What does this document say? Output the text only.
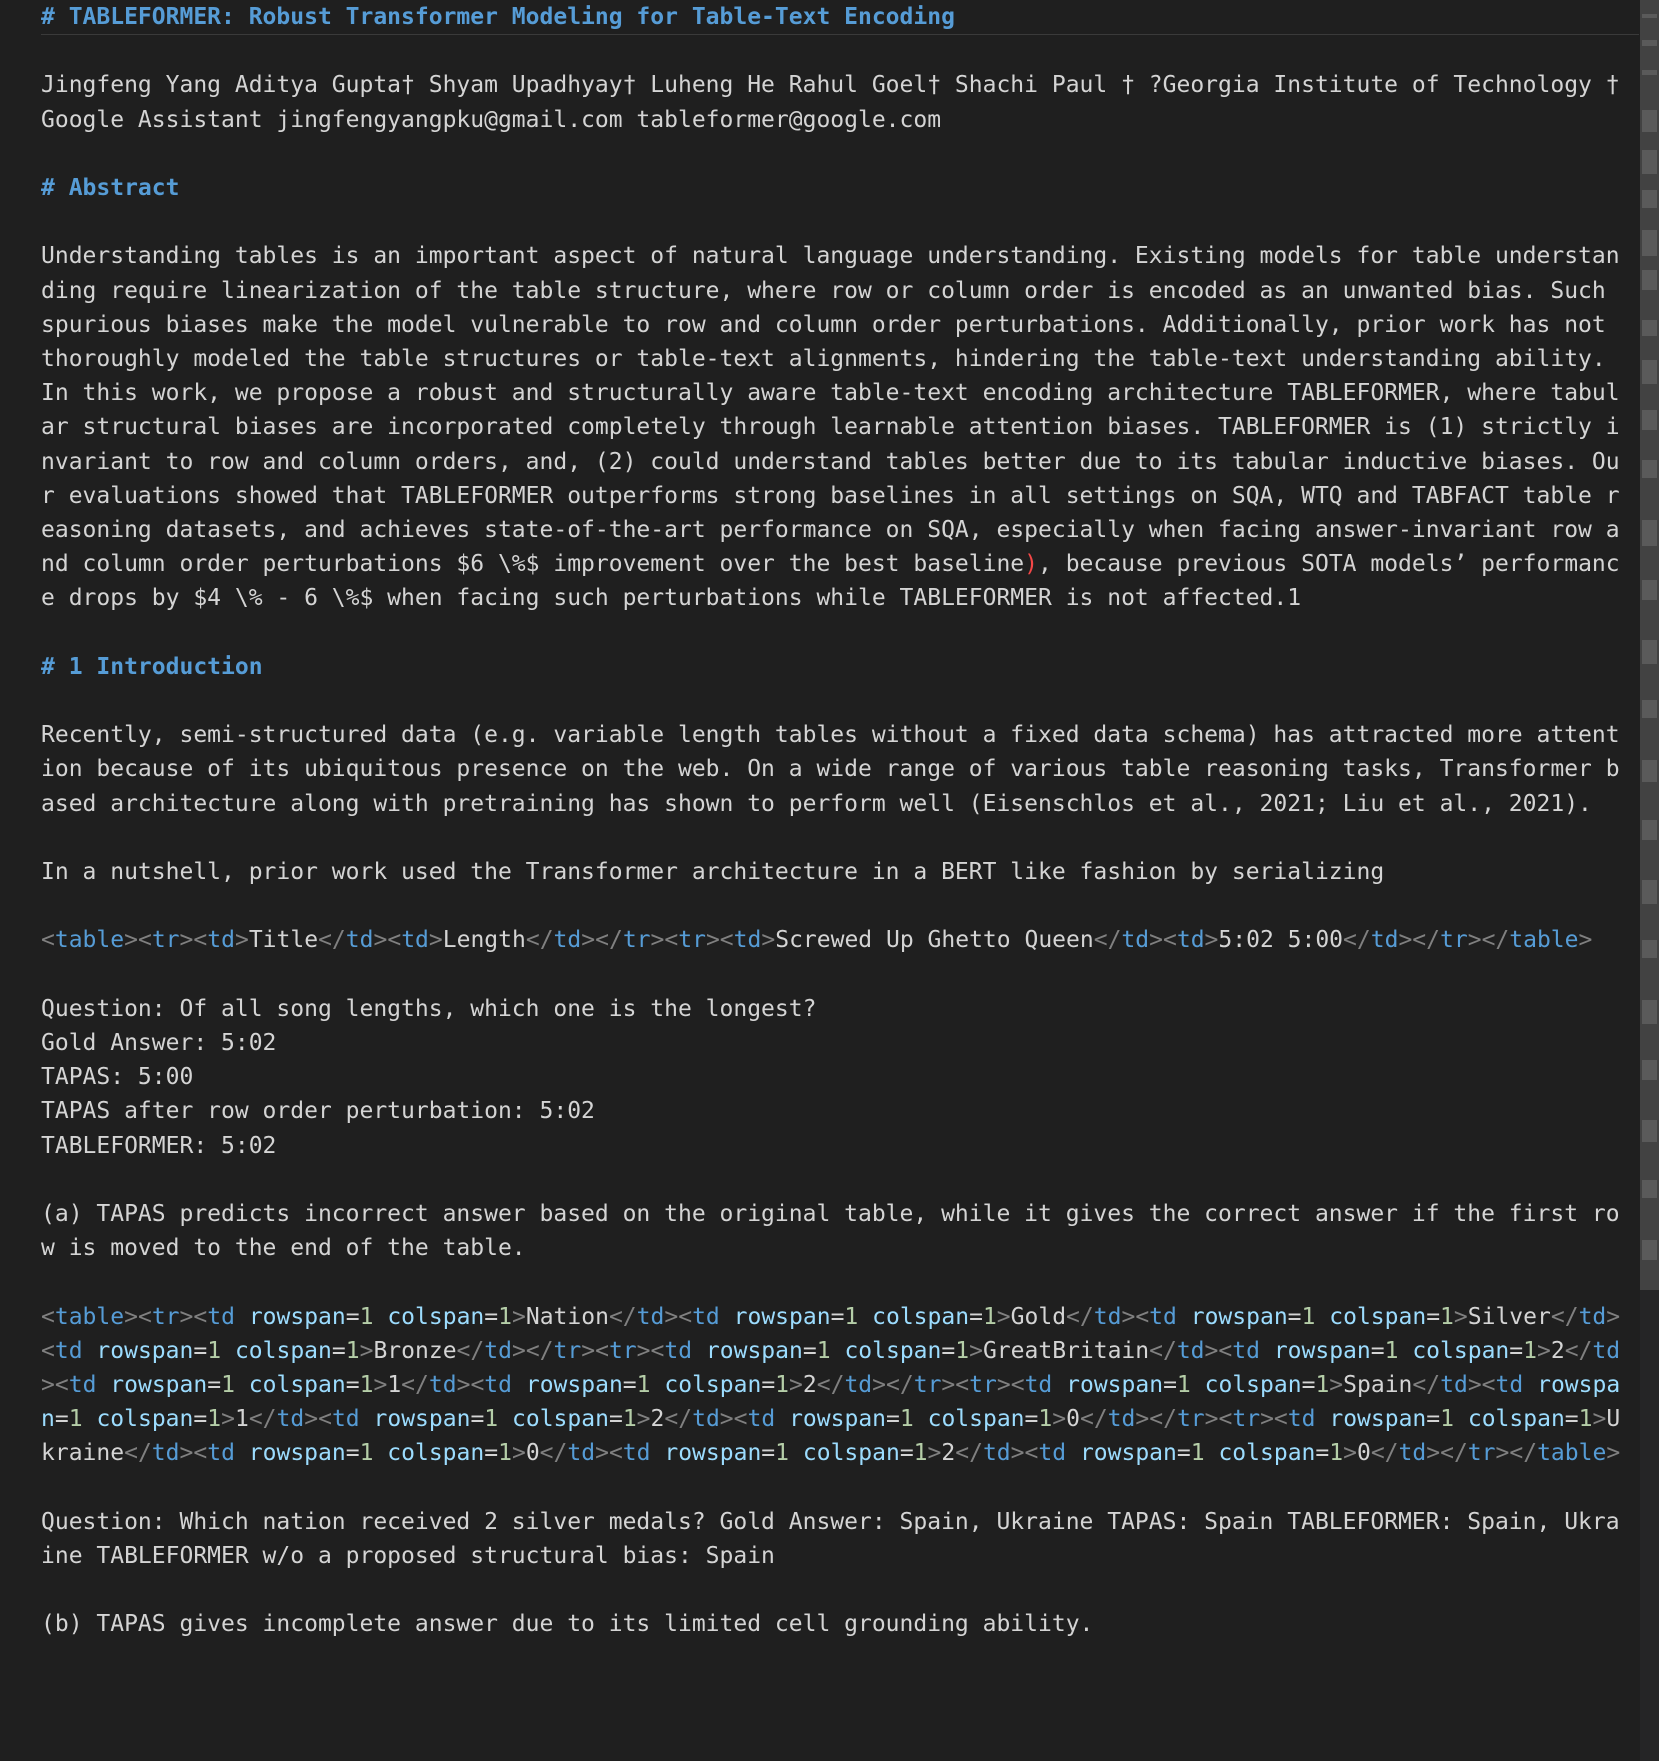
# TABLEFORMER: Robust Transformer Modeling for Table-Text Encoding
Jingfeng Yang Aditya Gupta† Shyam Upadhyay† Luheng He Rahul Goel† Shachi Paul † ?Georgia Institute of Technology †Google Assistant jingfengyangpku@gmail.com tableformer@google.com
# Abstract
Understanding tables is an important aspect of natural language understanding. Existing models for table understanding require linearization of the table structure, where row or column order is encoded as an unwanted bias. Such spurious biases make the model vulnerable to row and column order perturbations. Additionally, prior work has not thoroughly modeled the table structures or table-text alignments, hindering the table-text understanding ability. In this work, we propose a robust and structurally aware table-text encoding architecture TABLEFORMER, where tabular structural biases are incorporated completely through learnable attention biases. TABLEFORMER is (1) strictly invariant to row and column orders, and, (2) could understand tables better due to its tabular inductive biases. Our evaluations showed that TABLEFORMER outperforms strong baselines in all settings on SQA, WTQ and TABFACT table reasoning datasets, and achieves state-of-the-art performance on SQA, especially when facing answer-invariant row and column order perturbations $6 \%$ improvement over the best baseline), because previous SOTA models’ performance drops by $4 \% - 6 \%$ when facing such perturbations while TABLEFORMER is not affected.1
# 1 Introduction
Recently, semi-structured data (e.g. variable length tables without a fixed data schema) has attracted more attention because of its ubiquitous presence on the web. On a wide range of various table reasoning tasks, Transformer based architecture along with pretraining has shown to perform well (Eisenschlos et al., 2021; Liu et al., 2021).
In a nutshell, prior work used the Transformer architecture in a BERT like fashion by serializing
<table><tr><td>Title</td><td>Length</td></tr><tr><td>Screwed Up Ghetto Queen</td><td>5:02 5:00</td></tr></table>
Question: Of all song lengths, which one is the longest?
Gold Answer: 5:02
TAPAS: 5:00
TAPAS after row order perturbation: 5:02
TABLEFORMER: 5:02
(a) TAPAS predicts incorrect answer based on the original table, while it gives the correct answer if the first row is moved to the end of the table.
<table><tr><td rowspan=1 colspan=1>Nation</td><td rowspan=1 colspan=1>Gold</td><td rowspan=1 colspan=1>Silver</td><td rowspan=1 colspan=1>Bronze</td></tr><tr><td rowspan=1 colspan=1>GreatBritain</td><td rowspan=1 colspan=1>2</td><td rowspan=1 colspan=1>1</td><td rowspan=1 colspan=1>2</td></tr><tr><td rowspan=1 colspan=1>Spain</td><td rowspan=1 colspan=1>1</td><td rowspan=1 colspan=1>2</td><td rowspan=1 colspan=1>0</td></tr><tr><td rowspan=1 colspan=1>Ukraine</td><td rowspan=1 colspan=1>0</td><td rowspan=1 colspan=1>2</td><td rowspan=1 colspan=1>0</td></tr></table>
Question: Which nation received 2 silver medals? Gold Answer: Spain, Ukraine TAPAS: Spain TABLEFORMER: Spain, Ukraine TABLEFORMER w/o a proposed structural bias: Spain
(b) TAPAS gives incomplete answer due to its limited cell grounding ability.
